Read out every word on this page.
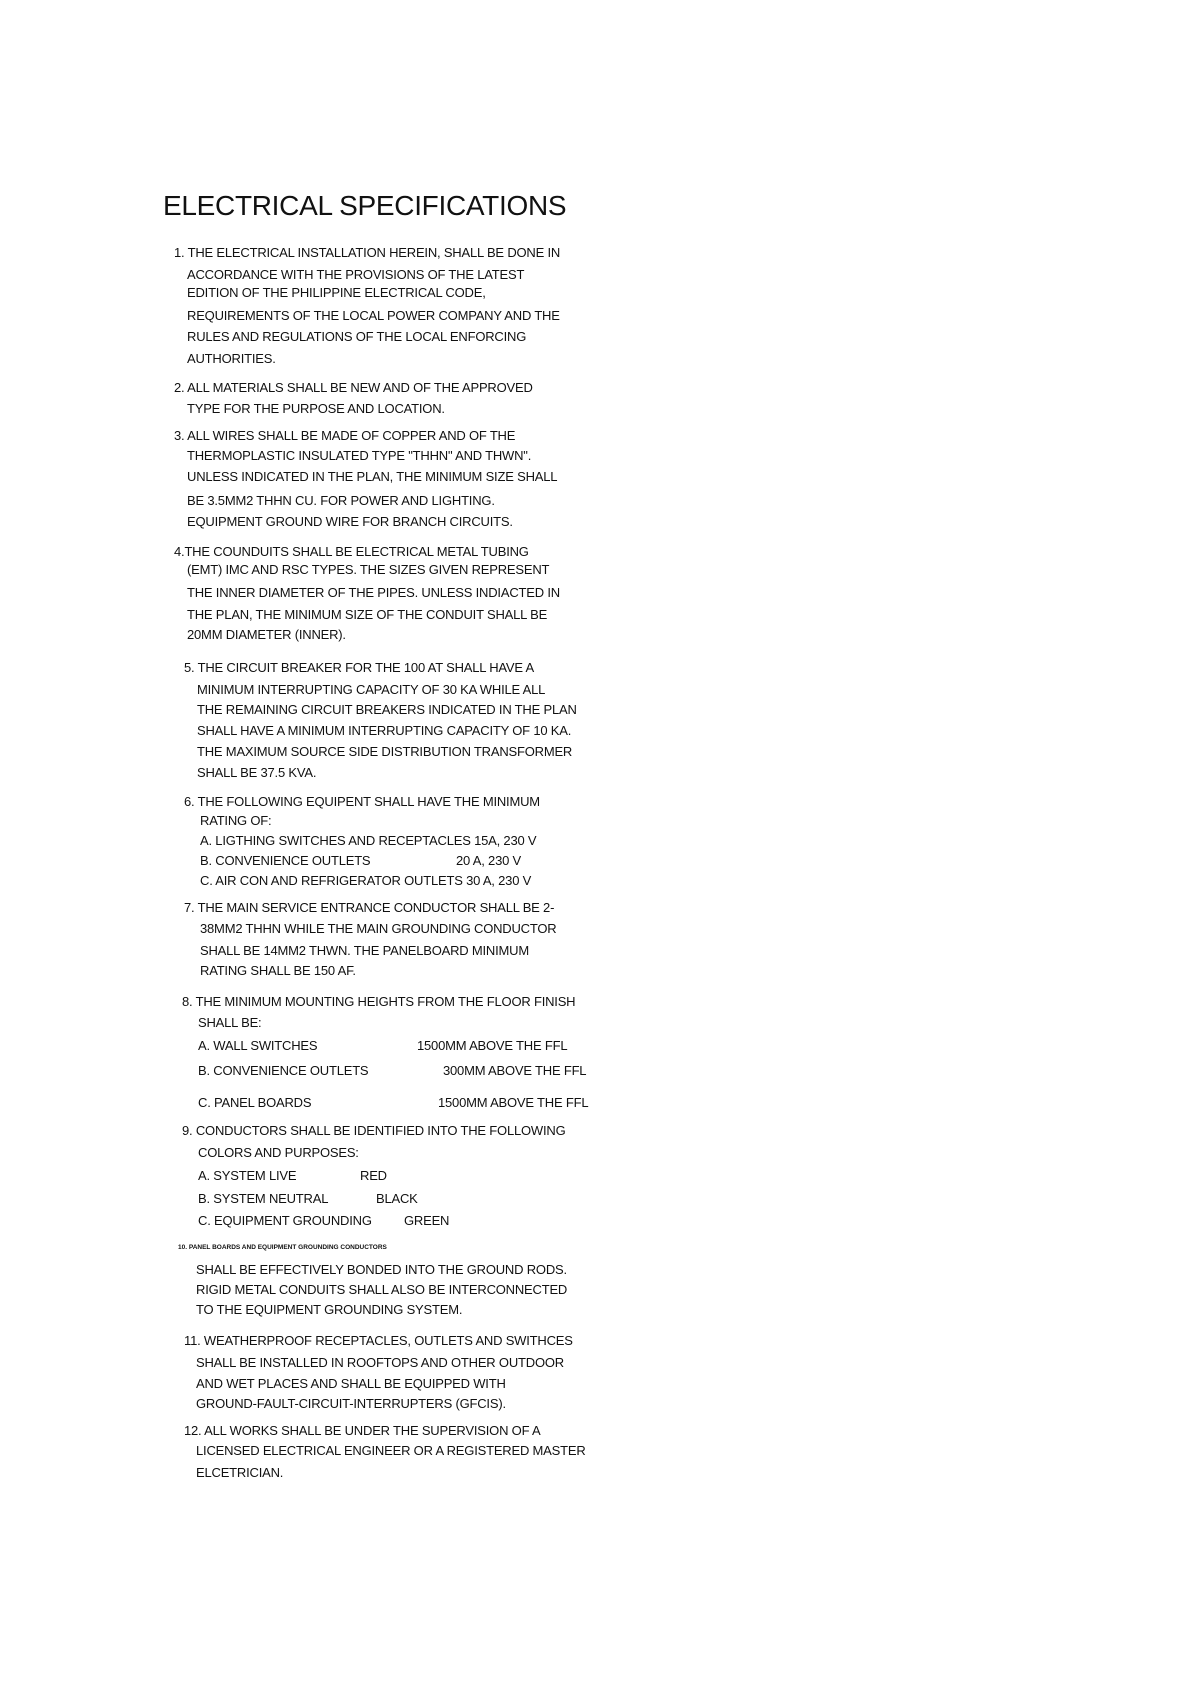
ELECTRICAL SPECIFICATIONS
1. THE ELECTRICAL INSTALLATION HEREIN, SHALL BE DONE IN
ACCORDANCE WITH THE PROVISIONS OF THE LATEST
EDITION OF THE PHILIPPINE ELECTRICAL CODE,
REQUIREMENTS OF THE LOCAL POWER COMPANY AND THE
RULES AND REGULATIONS OF THE LOCAL ENFORCING
AUTHORITIES.
2. ALL MATERIALS SHALL BE NEW AND OF THE APPROVED
TYPE FOR THE PURPOSE AND LOCATION.
3. ALL WIRES SHALL BE MADE OF COPPER AND OF THE
THERMOPLASTIC INSULATED TYPE "THHN" AND THWN".
UNLESS INDICATED IN THE PLAN, THE MINIMUM SIZE SHALL
BE 3.5MM2 THHN CU. FOR POWER AND LIGHTING.
EQUIPMENT GROUND WIRE FOR BRANCH CIRCUITS.
4.THE COUNDUITS SHALL BE ELECTRICAL METAL TUBING
(EMT) IMC AND RSC TYPES. THE SIZES GIVEN REPRESENT
THE INNER DIAMETER OF THE PIPES. UNLESS INDIACTED IN
THE PLAN, THE MINIMUM SIZE OF THE CONDUIT SHALL BE
20MM DIAMETER (INNER).
5. THE CIRCUIT BREAKER FOR THE 100 AT SHALL HAVE A
MINIMUM INTERRUPTING CAPACITY OF 30 KA WHILE ALL
THE REMAINING CIRCUIT BREAKERS INDICATED IN THE PLAN
SHALL HAVE A MINIMUM INTERRUPTING CAPACITY OF 10 KA.
THE MAXIMUM SOURCE SIDE DISTRIBUTION TRANSFORMER
SHALL BE 37.5 KVA.
6. THE FOLLOWING EQUIPENT SHALL HAVE THE MINIMUM
RATING OF:
A. LIGTHING SWITCHES AND RECEPTACLES 15A, 230 V
B. CONVENIENCE OUTLETS	20 A, 230 V
C. AIR CON AND REFRIGERATOR OUTLETS 30 A, 230 V
7. THE MAIN SERVICE ENTRANCE CONDUCTOR SHALL BE 2-
38MM2 THHN WHILE THE MAIN GROUNDING CONDUCTOR
SHALL BE 14MM2 THWN. THE PANELBOARD MINIMUM
RATING SHALL BE 150 AF.
8. THE MINIMUM MOUNTING HEIGHTS FROM THE FLOOR FINISH
SHALL BE:
A. WALL SWITCHES	1500MM ABOVE THE FFL
B. CONVENIENCE OUTLETS	300MM ABOVE THE FFL
C. PANEL BOARDS	1500MM ABOVE THE FFL
9. CONDUCTORS SHALL BE IDENTIFIED INTO THE FOLLOWING
COLORS AND PURPOSES:
A. SYSTEM LIVE	RED
B. SYSTEM NEUTRAL	BLACK
C. EQUIPMENT GROUNDING GREEN
10. PANEL BOARDS AND EQUIPMENT GROUNDING CONDUCTORS
SHALL BE EFFECTIVELY BONDED INTO THE GROUND RODS.
RIGID METAL CONDUITS SHALL ALSO BE INTERCONNECTED
TO THE EQUIPMENT GROUNDING SYSTEM.
11. WEATHERPROOF RECEPTACLES, OUTLETS AND SWITHCES
SHALL BE INSTALLED IN ROOFTOPS AND OTHER OUTDOOR
AND WET PLACES AND SHALL BE EQUIPPED WITH
GROUND-FAULT-CIRCUIT-INTERRUPTERS (GFCIS).
12. ALL WORKS SHALL BE UNDER THE SUPERVISION OF A
LICENSED ELECTRICAL ENGINEER OR A REGISTERED MASTER
ELCETRICIAN.
